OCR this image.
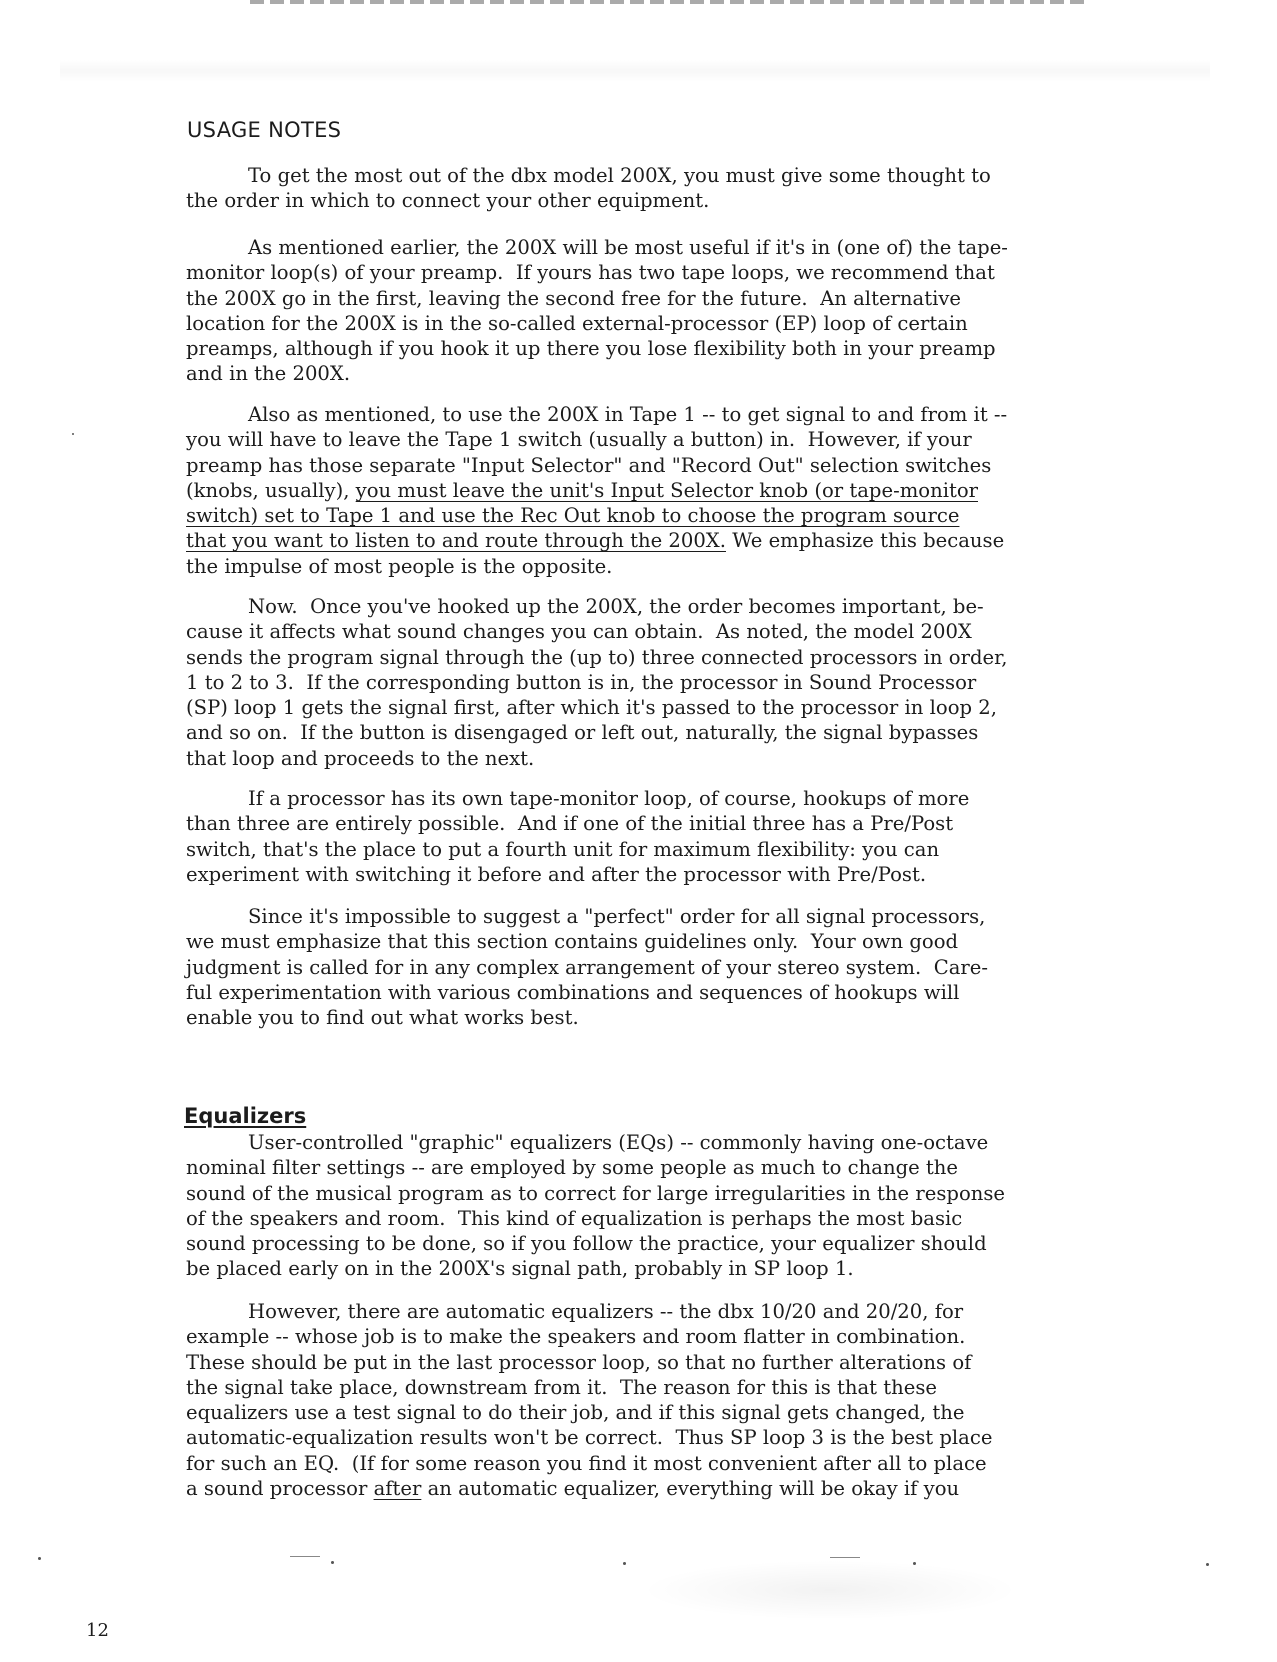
USAGE NOTES

To get the most out of the dbx model 200X, you must give some thought to
the order in which to connect your other equipment.

As mentioned earlier, the 200X will be most useful if it's in (one of) the tape-
monitor loop(s) of your preamp.  If yours has two tape loops, we recommend that
the 200X go in the first, leaving the second free for the future.  An alternative
location for the 200X is in the so-called external-processor (EP) loop of certain
preamps, although if you hook it up there you lose flexibility both in your preamp
and in the 200X.

Also as mentioned, to use the 200X in Tape 1 -- to get signal to and from it --
you will have to leave the Tape 1 switch (usually a button) in.  However, if your
preamp has those separate "Input Selector" and "Record Out" selection switches
(knobs, usually), you must leave the unit's Input Selector knob (or tape-monitor
switch) set to Tape 1 and use the Rec Out knob to choose the program source
that you want to listen to and route through the 200X. We emphasize this because
the impulse of most people is the opposite.

Now.  Once you've hooked up the 200X, the order becomes important, be-
cause it affects what sound changes you can obtain.  As noted, the model 200X
sends the program signal through the (up to) three connected processors in order,
1 to 2 to 3.  If the corresponding button is in, the processor in Sound Processor
(SP) loop 1 gets the signal first, after which it's passed to the processor in loop 2,
and so on.  If the button is disengaged or left out, naturally, the signal bypasses
that loop and proceeds to the next.

If a processor has its own tape-monitor loop, of course, hookups of more
than three are entirely possible.  And if one of the initial three has a Pre/Post
switch, that's the place to put a fourth unit for maximum flexibility: you can
experiment with switching it before and after the processor with Pre/Post.

Since it's impossible to suggest a "perfect" order for all signal processors,
we must emphasize that this section contains guidelines only.  Your own good
judgment is called for in any complex arrangement of your stereo system.  Care-
ful experimentation with various combinations and sequences of hookups will
enable you to find out what works best.

Equalizers

User-controlled "graphic" equalizers (EQs) -- commonly having one-octave
nominal filter settings -- are employed by some people as much to change the
sound of the musical program as to correct for large irregularities in the response
of the speakers and room.  This kind of equalization is perhaps the most basic
sound processing to be done, so if you follow the practice, your equalizer should
be placed early on in the 200X's signal path, probably in SP loop 1.

However, there are automatic equalizers -- the dbx 10/20 and 20/20, for
example -- whose job is to make the speakers and room flatter in combination.
These should be put in the last processor loop, so that no further alterations of
the signal take place, downstream from it.  The reason for this is that these
equalizers use a test signal to do their job, and if this signal gets changed, the
automatic-equalization results won't be correct.  Thus SP loop 3 is the best place
for such an EQ.  (If for some reason you find it most convenient after all to place
a sound processor after an automatic equalizer, everything will be okay if you

12
